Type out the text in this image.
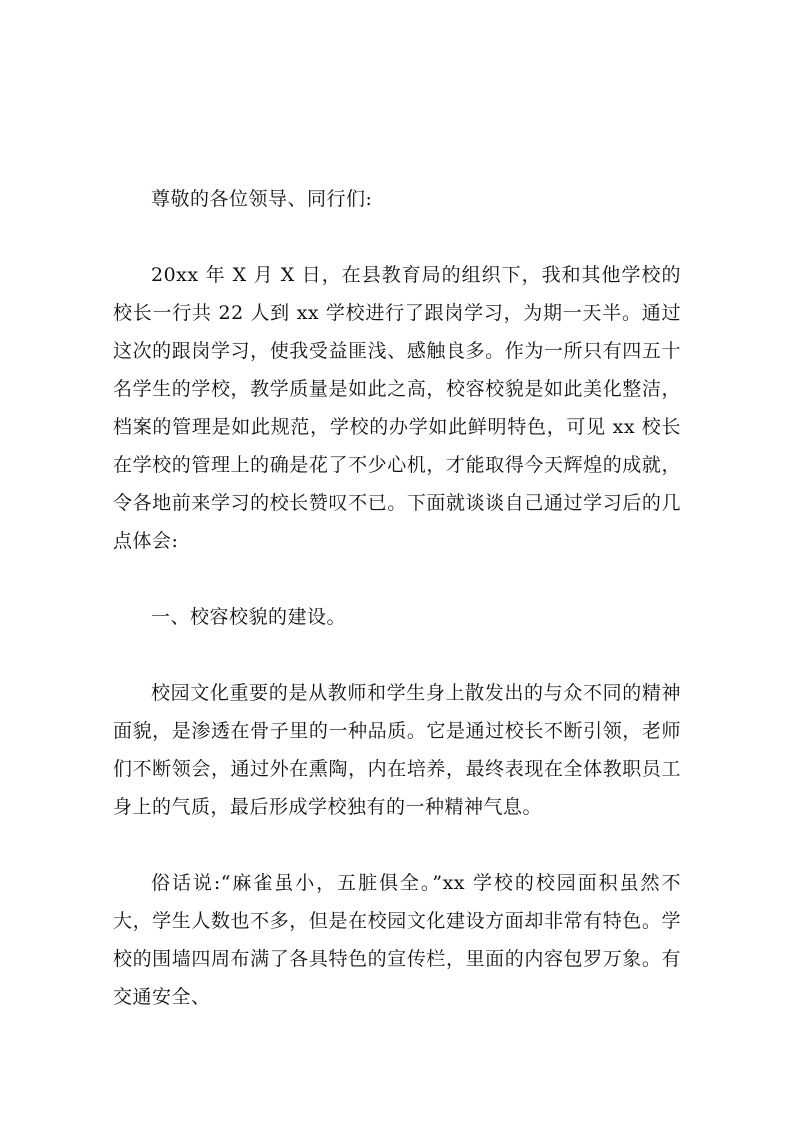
尊敬的各位领导、同行们:

20xx 年 X 月 X 日，在县教育局的组织下，我和其他学校的校长一行共 22 人到 xx 学校进行了跟岗学习，为期一天半。通过这次的跟岗学习，使我受益匪浅、感触良多。作为一所只有四五十名学生的学校，教学质量是如此之高，校容校貌是如此美化整洁，档案的管理是如此规范，学校的办学如此鲜明特色，可见 xx 校长在学校的管理上的确是花了不少心机，才能取得今天辉煌的成就，令各地前来学习的校长赞叹不已。下面就谈谈自己通过学习后的几点体会:

一、校容校貌的建设。

校园文化重要的是从教师和学生身上散发出的与众不同的精神面貌，是渗透在骨子里的一种品质。它是通过校长不断引领，老师们不断领会，通过外在熏陶，内在培养，最终表现在全体教职员工身上的气质，最后形成学校独有的一种精神气息。

俗话说:“麻雀虽小，五脏俱全。”xx 学校的校园面积虽然不大，学生人数也不多，但是在校园文化建设方面却非常有特色。学校的围墙四周布满了各具特色的宣传栏，里面的内容包罗万象。有交通安全、
